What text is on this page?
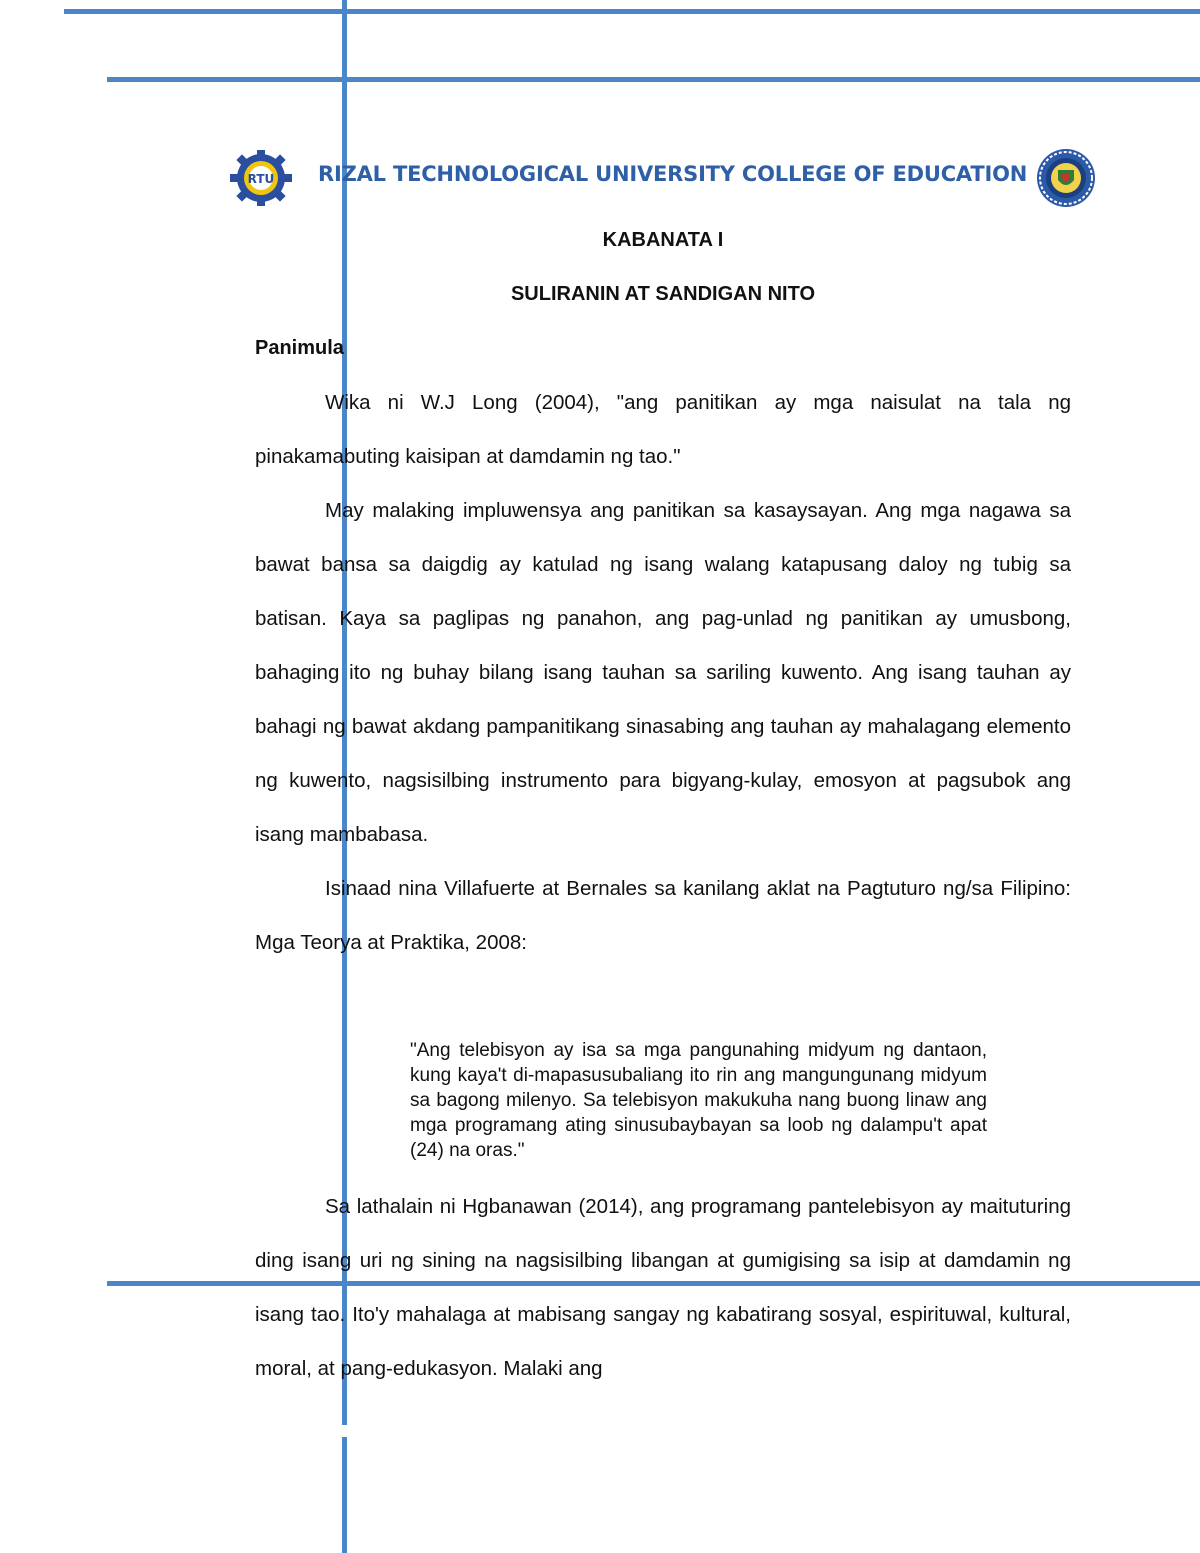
RTU RIZAL TECHNOLOGICAL UNIVERSITY COLLEGE OF EDUCATION
KABANATA I
SULIRANIN AT SANDIGAN NITO
Panimula

Wika ni W.J Long (2004), "ang panitikan ay mga naisulat na tala ng pinakamabuting kaisipan at damdamin ng tao."

May malaking impluwensya ang panitikan sa kasaysayan. Ang mga nagawa sa bawat bansa sa daigdig ay katulad ng isang walang katapusang daloy ng tubig sa batisan. Kaya sa paglipas ng panahon, ang pag-unlad ng panitikan ay umusbong, bahaging ito ng buhay bilang isang tauhan sa sariling kuwento. Ang isang tauhan ay bahagi ng bawat akdang pampanitikang sinasabing ang tauhan ay mahalagang elemento ng kuwento, nagsisilbing instrumento para bigyang-kulay, emosyon at pagsubok ang isang mambabasa.

Isinaad nina Villafuerte at Bernales sa kanilang aklat na Pagtuturo ng/sa Filipino: Mga Teorya at Praktika, 2008:

"Ang telebisyon ay isa sa mga pangunahing midyum ng dantaon, kung kaya't di-mapasusubaliang ito rin ang mangungunang midyum sa bagong milenyo. Sa telebisyon makukuha nang buong linaw ang mga programang ating sinusubaybayan sa loob ng dalampu't apat (24) na oras."

Sa lathalain ni Hgbanawan (2014), ang programang pantelebisyon ay maituturing ding isang uri ng sining na nagsisilbing libangan at gumigising sa isip at damdamin ng isang tao. Ito'y mahalaga at mabisang sangay ng kabatirang sosyal, espirituwal, kultural, moral, at pang-edukasyon. Malaki ang
